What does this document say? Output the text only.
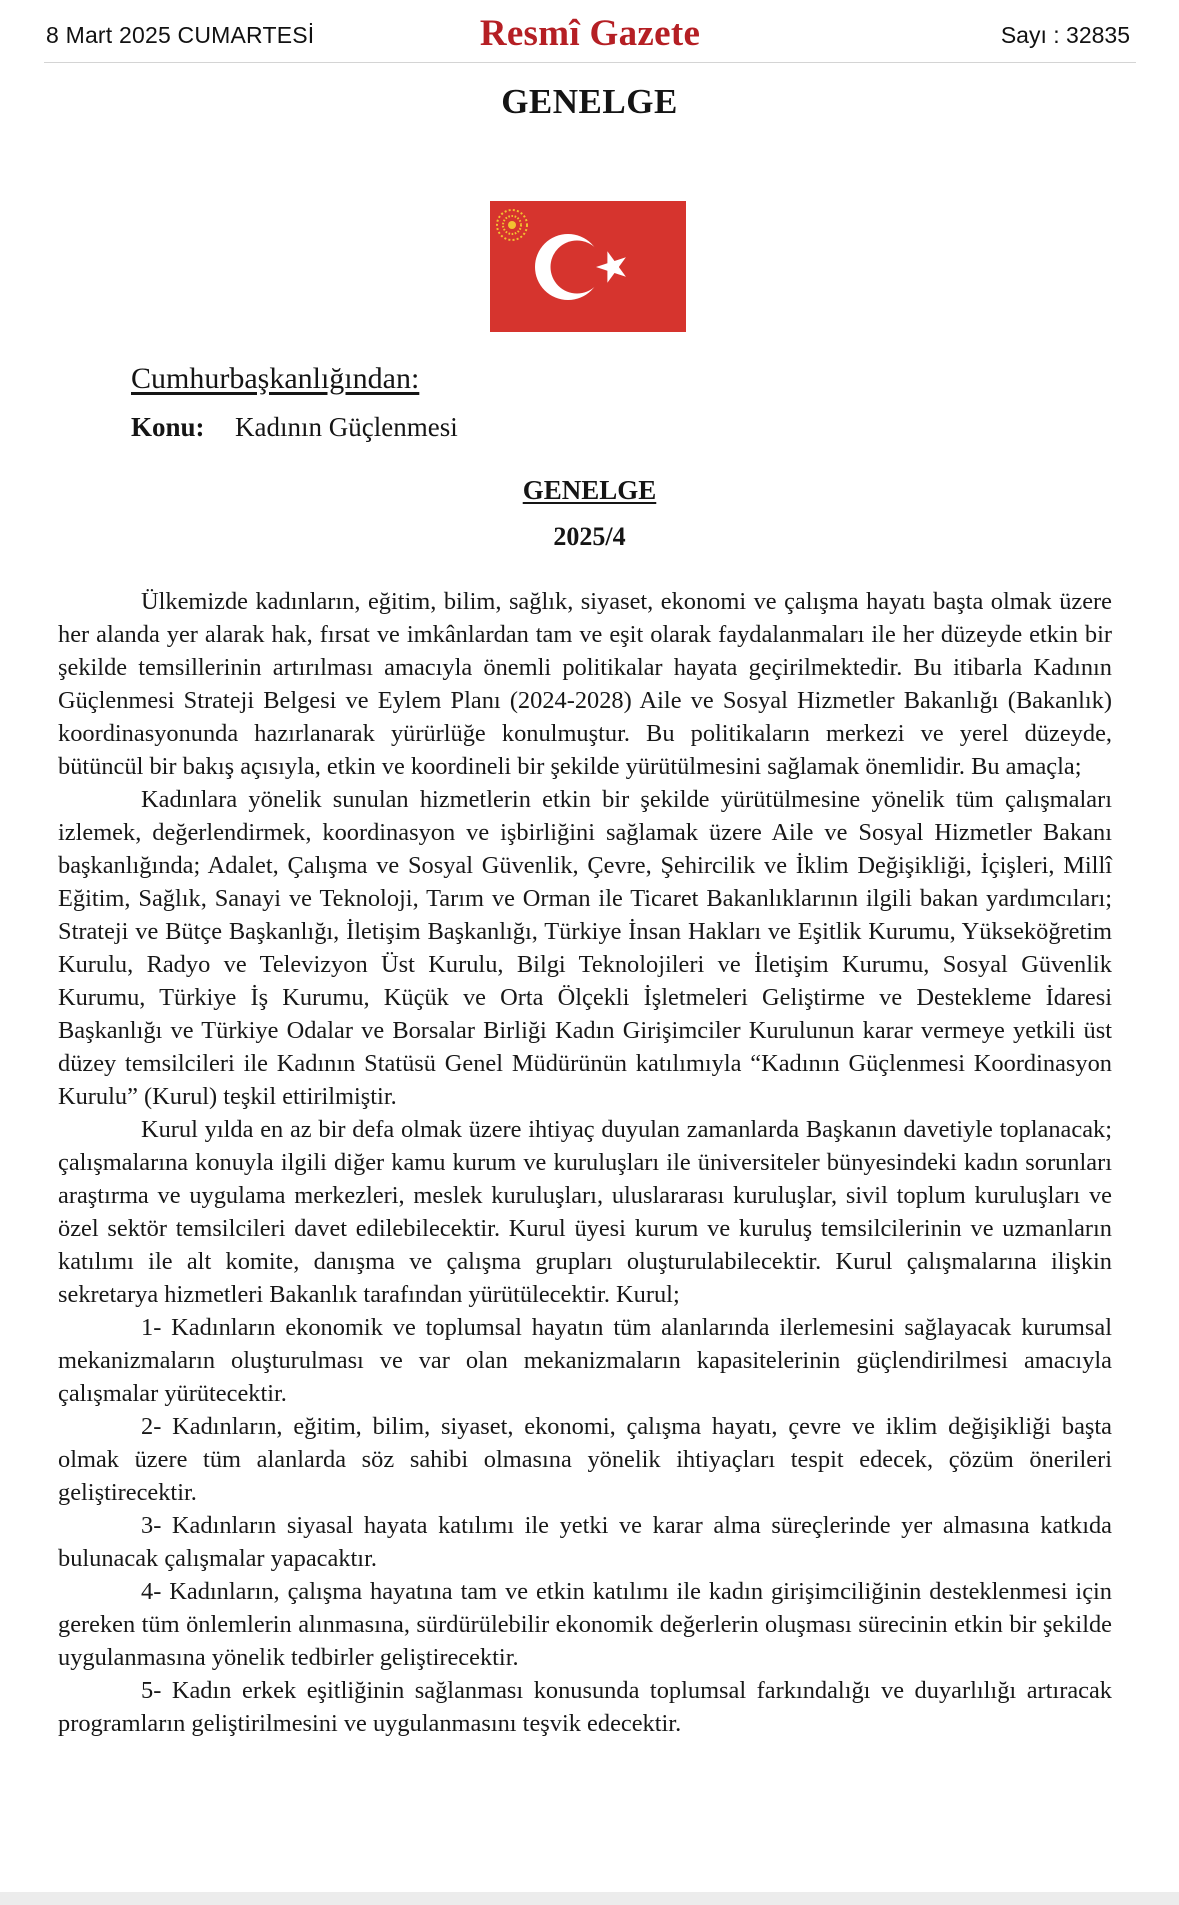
8 Mart 2025 CUMARTESİ	Resmî Gazete	Sayı : 32835
GENELGE
Cumhurbaşkanlığından:
Konu: Kadının Güçlenmesi
GENELGE
2025/4

Ülkemizde kadınların, eğitim, bilim, sağlık, siyaset, ekonomi ve çalışma hayatı başta olmak üzere her alanda yer alarak hak, fırsat ve imkânlardan tam ve eşit olarak faydalanmaları ile her düzeyde etkin bir şekilde temsillerinin artırılması amacıyla önemli politikalar hayata geçirilmektedir. Bu itibarla Kadının Güçlenmesi Strateji Belgesi ve Eylem Planı (2024-2028) Aile ve Sosyal Hizmetler Bakanlığı (Bakanlık) koordinasyonunda hazırlanarak yürürlüğe konulmuştur. Bu politikaların merkezi ve yerel düzeyde, bütüncül bir bakış açısıyla, etkin ve koordineli bir şekilde yürütülmesini sağlamak önemlidir. Bu amaçla;

Kadınlara yönelik sunulan hizmetlerin etkin bir şekilde yürütülmesine yönelik tüm çalışmaları izlemek, değerlendirmek, koordinasyon ve işbirliğini sağlamak üzere Aile ve Sosyal Hizmetler Bakanı başkanlığında; Adalet, Çalışma ve Sosyal Güvenlik, Çevre, Şehircilik ve İklim Değişikliği, İçişleri, Millî Eğitim, Sağlık, Sanayi ve Teknoloji, Tarım ve Orman ile Ticaret Bakanlıklarının ilgili bakan yardımcıları; Strateji ve Bütçe Başkanlığı, İletişim Başkanlığı, Türkiye İnsan Hakları ve Eşitlik Kurumu, Yükseköğretim Kurulu, Radyo ve Televizyon Üst Kurulu, Bilgi Teknolojileri ve İletişim Kurumu, Sosyal Güvenlik Kurumu, Türkiye İş Kurumu, Küçük ve Orta Ölçekli İşletmeleri Geliştirme ve Destekleme İdaresi Başkanlığı ve Türkiye Odalar ve Borsalar Birliği Kadın Girişimciler Kurulunun karar vermeye yetkili üst düzey temsilcileri ile Kadının Statüsü Genel Müdürünün katılımıyla “Kadının Güçlenmesi Koordinasyon Kurulu” (Kurul) teşkil ettirilmiştir.

Kurul yılda en az bir defa olmak üzere ihtiyaç duyulan zamanlarda Başkanın davetiyle toplanacak; çalışmalarına konuyla ilgili diğer kamu kurum ve kuruluşları ile üniversiteler bünyesindeki kadın sorunları araştırma ve uygulama merkezleri, meslek kuruluşları, uluslararası kuruluşlar, sivil toplum kuruluşları ve özel sektör temsilcileri davet edilebilecektir. Kurul üyesi kurum ve kuruluş temsilcilerinin ve uzmanların katılımı ile alt komite, danışma ve çalışma grupları oluşturulabilecektir. Kurul çalışmalarına ilişkin sekretarya hizmetleri Bakanlık tarafından yürütülecektir. Kurul;

1- Kadınların ekonomik ve toplumsal hayatın tüm alanlarında ilerlemesini sağlayacak kurumsal mekanizmaların oluşturulması ve var olan mekanizmaların kapasitelerinin güçlendirilmesi amacıyla çalışmalar yürütecektir.

2- Kadınların, eğitim, bilim, siyaset, ekonomi, çalışma hayatı, çevre ve iklim değişikliği başta olmak üzere tüm alanlarda söz sahibi olmasına yönelik ihtiyaçları tespit edecek, çözüm önerileri geliştirecektir.

3- Kadınların siyasal hayata katılımı ile yetki ve karar alma süreçlerinde yer almasına katkıda bulunacak çalışmalar yapacaktır.

4- Kadınların, çalışma hayatına tam ve etkin katılımı ile kadın girişimciliğinin desteklenmesi için gereken tüm önlemlerin alınmasına, sürdürülebilir ekonomik değerlerin oluşması sürecinin etkin bir şekilde uygulanmasına yönelik tedbirler geliştirecektir.

5- Kadın erkek eşitliğinin sağlanması konusunda toplumsal farkındalığı ve duyarlılığı artıracak programların geliştirilmesini ve uygulanmasını teşvik edecektir.
